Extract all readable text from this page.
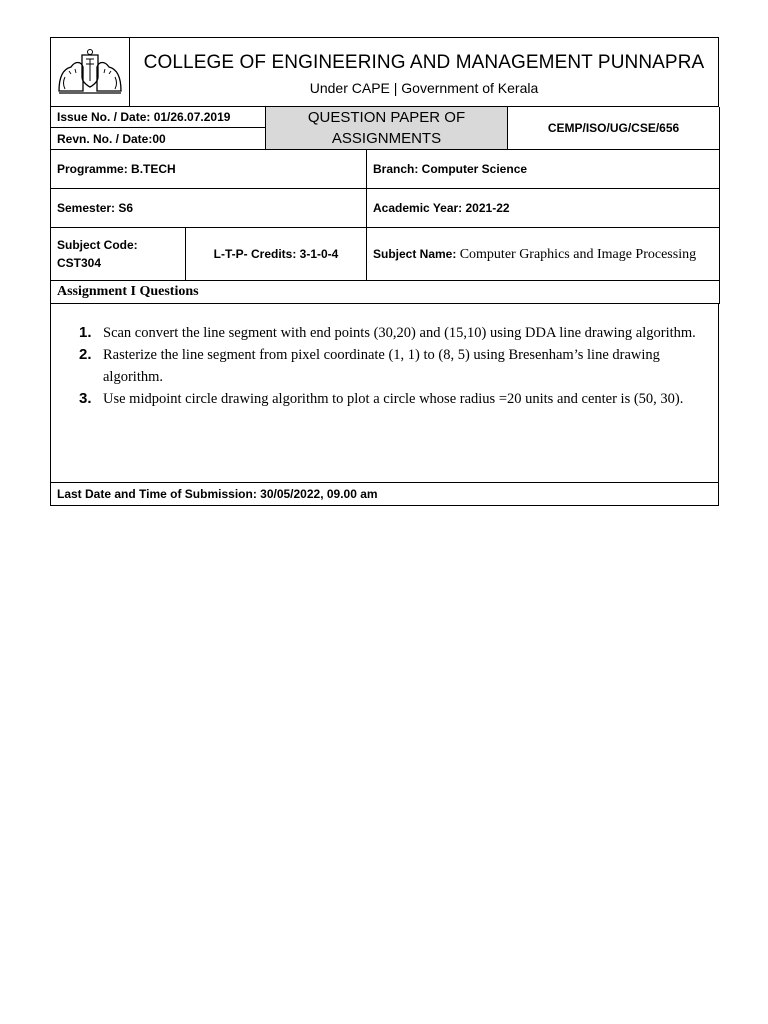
COLLEGE OF ENGINEERING AND MANAGEMENT PUNNAPRA
Under CAPE | Government of Kerala
Issue No. / Date: 01/26.07.2019	QUESTION PAPER OF ASSIGNMENTS	CEMP/ISO/UG/CSE/656
Revn. No. / Date:00
Programme: B.TECH		Branch: Computer Science
Semester: S6		Academic Year: 2021-22

Subject Code:
CST304	L-T-P- Credits: 3-1-0-4	Subject Name: Computer Graphics and Image Processing
Assignment I Questions		
1. Scan convert the line segment with end points (30,20) and (15,10) using DDA line drawing algorithm.
2. Rasterize the line segment from pixel coordinate (1, 1) to (8, 5) using Bresenham’s line drawing algorithm.
3. Use midpoint circle drawing algorithm to plot a circle whose radius =20 units and center is (50, 30).
Last Date and Time of Submission: 30/05/2022, 09.00 am
